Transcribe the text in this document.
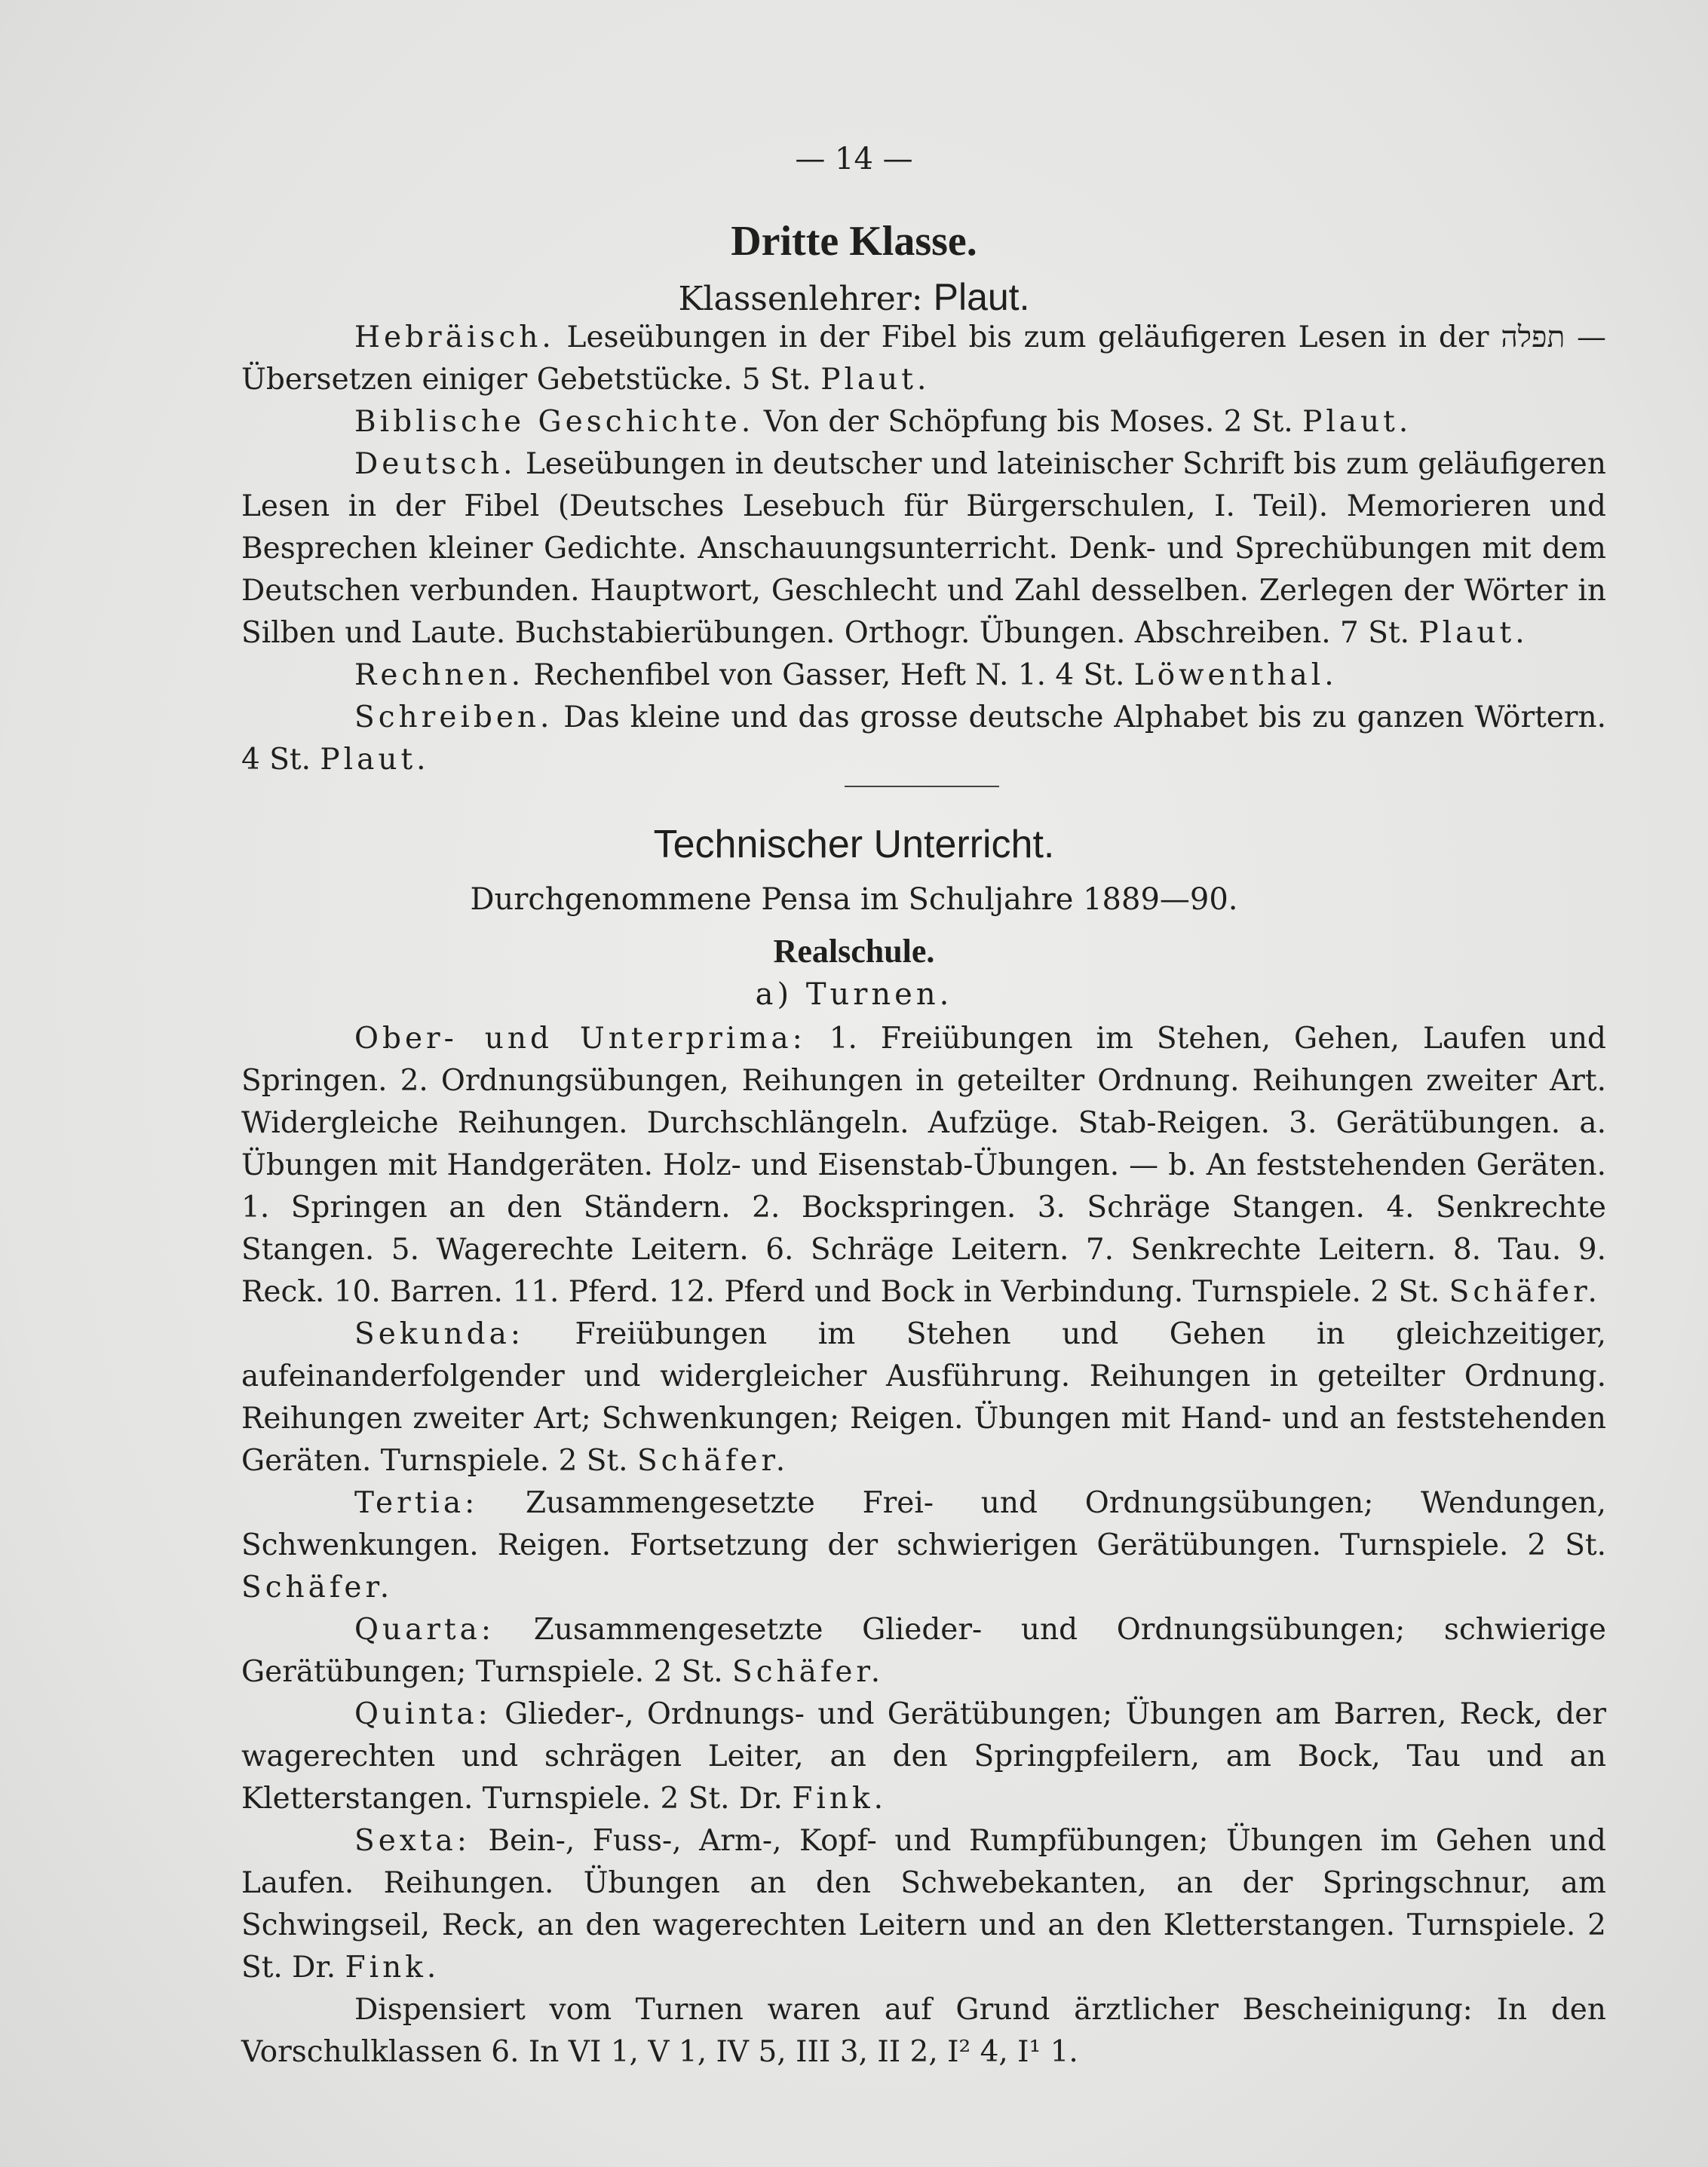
— 14 —
Dritte Klasse.
Klassenlehrer: Plaut.

Hebräisch. Leseübungen in der Fibel bis zum geläufigeren Lesen in der תפלה — Übersetzen einiger Gebetstücke. 5 St. Plaut.

Biblische Geschichte. Von der Schöpfung bis Moses. 2 St. Plaut.

Deutsch. Leseübungen in deutscher und lateinischer Schrift bis zum geläufigeren Lesen in der Fibel (Deutsches Lesebuch für Bürgerschulen, I. Teil). Memorieren und Besprechen kleiner Gedichte. Anschauungsunterricht. Denk- und Sprechübungen mit dem Deutschen verbunden. Hauptwort, Geschlecht und Zahl desselben. Zerlegen der Wörter in Silben und Laute. Buchstabierübungen. Orthogr. Übungen. Abschreiben. 7 St. Plaut.

Rechnen. Rechenfibel von Gasser, Heft N. 1. 4 St. Löwenthal.

Schreiben. Das kleine und das grosse deutsche Alphabet bis zu ganzen Wörtern. 4 St. Plaut.

Technischer Unterricht.
Durchgenommene Pensa im Schuljahre 1889—90.
Realschule.
a) Turnen.

Ober- und Unterprima: 1. Freiübungen im Stehen, Gehen, Laufen und Springen. 2. Ordnungsübungen, Reihungen in geteilter Ordnung. Reihungen zweiter Art. Widergleiche Reihungen. Durchschlängeln. Aufzüge. Stab-Reigen. 3. Gerätübungen. a. Übungen mit Handgeräten. Holz- und Eisenstab-Übungen. — b. An feststehenden Geräten. 1. Springen an den Ständern. 2. Bockspringen. 3. Schräge Stangen. 4. Senkrechte Stangen. 5. Wagerechte Leitern. 6. Schräge Leitern. 7. Senkrechte Leitern. 8. Tau. 9. Reck. 10. Barren. 11. Pferd. 12. Pferd und Bock in Verbindung. Turnspiele. 2 St. Schäfer.

Sekunda: Freiübungen im Stehen und Gehen in gleichzeitiger, aufeinanderfolgender und widergleicher Ausführung. Reihungen in geteilter Ordnung. Reihungen zweiter Art; Schwenkungen; Reigen. Übungen mit Hand- und an feststehenden Geräten. Turnspiele. 2 St. Schäfer.

Tertia: Zusammengesetzte Frei- und Ordnungsübungen; Wendungen, Schwenkungen. Reigen. Fortsetzung der schwierigen Gerätübungen. Turnspiele. 2 St. Schäfer.

Quarta: Zusammengesetzte Glieder- und Ordnungsübungen; schwierige Gerätübungen; Turnspiele. 2 St. Schäfer.

Quinta: Glieder-, Ordnungs- und Gerätübungen; Übungen am Barren, Reck, der wagerechten und schrägen Leiter, an den Springpfeilern, am Bock, Tau und an Kletterstangen. Turnspiele. 2 St. Dr. Fink.

Sexta: Bein-, Fuss-, Arm-, Kopf- und Rumpfübungen; Übungen im Gehen und Laufen. Reihungen. Übungen an den Schwebekanten, an der Springschnur, am Schwingseil, Reck, an den wagerechten Leitern und an den Kletterstangen. Turnspiele. 2 St. Dr. Fink.

Dispensiert vom Turnen waren auf Grund ärztlicher Bescheinigung: In den Vorschulklassen 6. In VI 1, V 1, IV 5, III 3, II 2, I² 4, I¹ 1.
